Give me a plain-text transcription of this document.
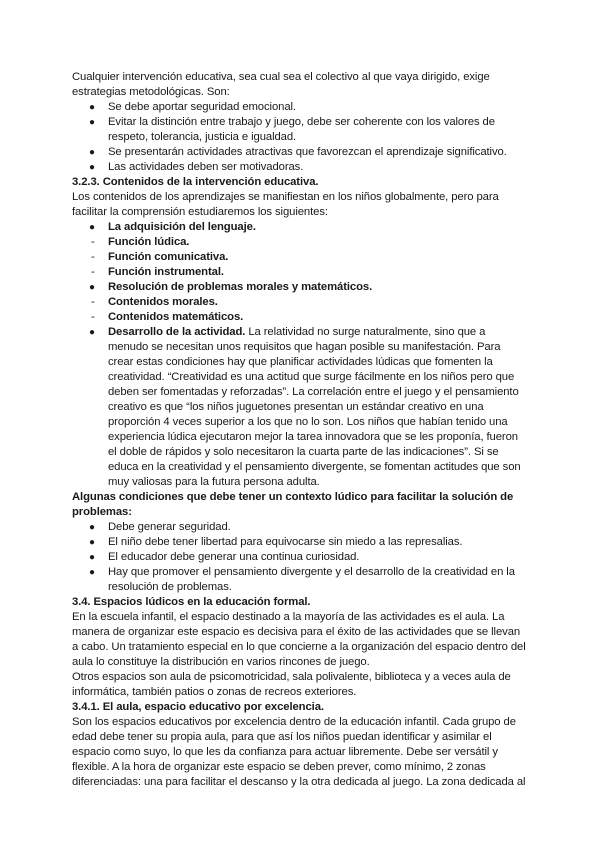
Cualquier intervención educativa, sea cual sea el colectivo al que vaya dirigido, exige estrategias metodológicas. Son:

●	Se debe aportar seguridad emocional.
●	Evitar la distinción entre trabajo y juego, debe ser coherente con los valores de respeto, tolerancia, justicia e igualdad.
●	Se presentarán actividades atractivas que favorezcan el aprendizaje significativo.
●	Las actividades deben ser motivadoras.

3.2.3. Contenidos de la intervención educativa.

Los contenidos de los aprendizajes se manifiestan en los niños globalmente, pero para facilitar la comprensión estudiaremos los siguientes:

●	La adquisición del lenguaje.
-	Función lúdica.
-	Función comunicativa.
-	Función instrumental.
●	Resolución de problemas morales y matemáticos.
-	Contenidos morales.
-	Contenidos matemáticos.
●	Desarrollo de la actividad. La relatividad no surge naturalmente, sino que a menudo se necesitan unos requisitos que hagan posible su manifestación. Para crear estas condiciones hay que planificar actividades lúdicas que fomenten la creatividad. “Creatividad es una actitud que surge fácilmente en los niños pero que deben ser fomentadas y reforzadas”. La correlación entre el juego y el pensamiento creativo es que “los niños juguetones presentan un estándar creativo en una proporción 4 veces superior a los que no lo son. Los niños que habían tenido una experiencia lúdica ejecutaron mejor la tarea innovadora que se les proponía, fueron el doble de rápidos y solo necesitaron la cuarta parte de las indicaciones”. Si se educa en la creatividad y el pensamiento divergente, se fomentan actitudes que son muy valiosas para la futura persona adulta.

Algunas condiciones que debe tener un contexto lúdico para facilitar la solución de problemas:

●	Debe generar seguridad.
●	El niño debe tener libertad para equivocarse sin miedo a las represalias.
●	El educador debe generar una continua curiosidad.
●	Hay que promover el pensamiento divergente y el desarrollo de la creatividad en la resolución de problemas.

3.4. Espacios lúdicos en la educación formal.

En la escuela infantil, el espacio destinado a la mayoría de las actividades es el aula. La manera de organizar este espacio es decisiva para el éxito de las actividades que se llevan a cabo. Un tratamiento especial en lo que concierne a la organización del espacio dentro del aula lo constituye la distribución en varios rincones de juego.

Otros espacios son aula de psicomotricidad, sala polivalente, biblioteca y a veces aula de informática, también patios o zonas de recreos exteriores.

3.4.1. El aula, espacio educativo por excelencia.

Son los espacios educativos por excelencia dentro de la educación infantil. Cada grupo de edad debe tener su propia aula, para que así los niños puedan identificar y asimilar el espacio como suyo, lo que les da confianza para actuar libremente. Debe ser versátil y flexible. A la hora de organizar este espacio se deben prever, como mínimo, 2 zonas diferenciadas: una para facilitar el descanso y la otra dedicada al juego. La zona dedicada al
